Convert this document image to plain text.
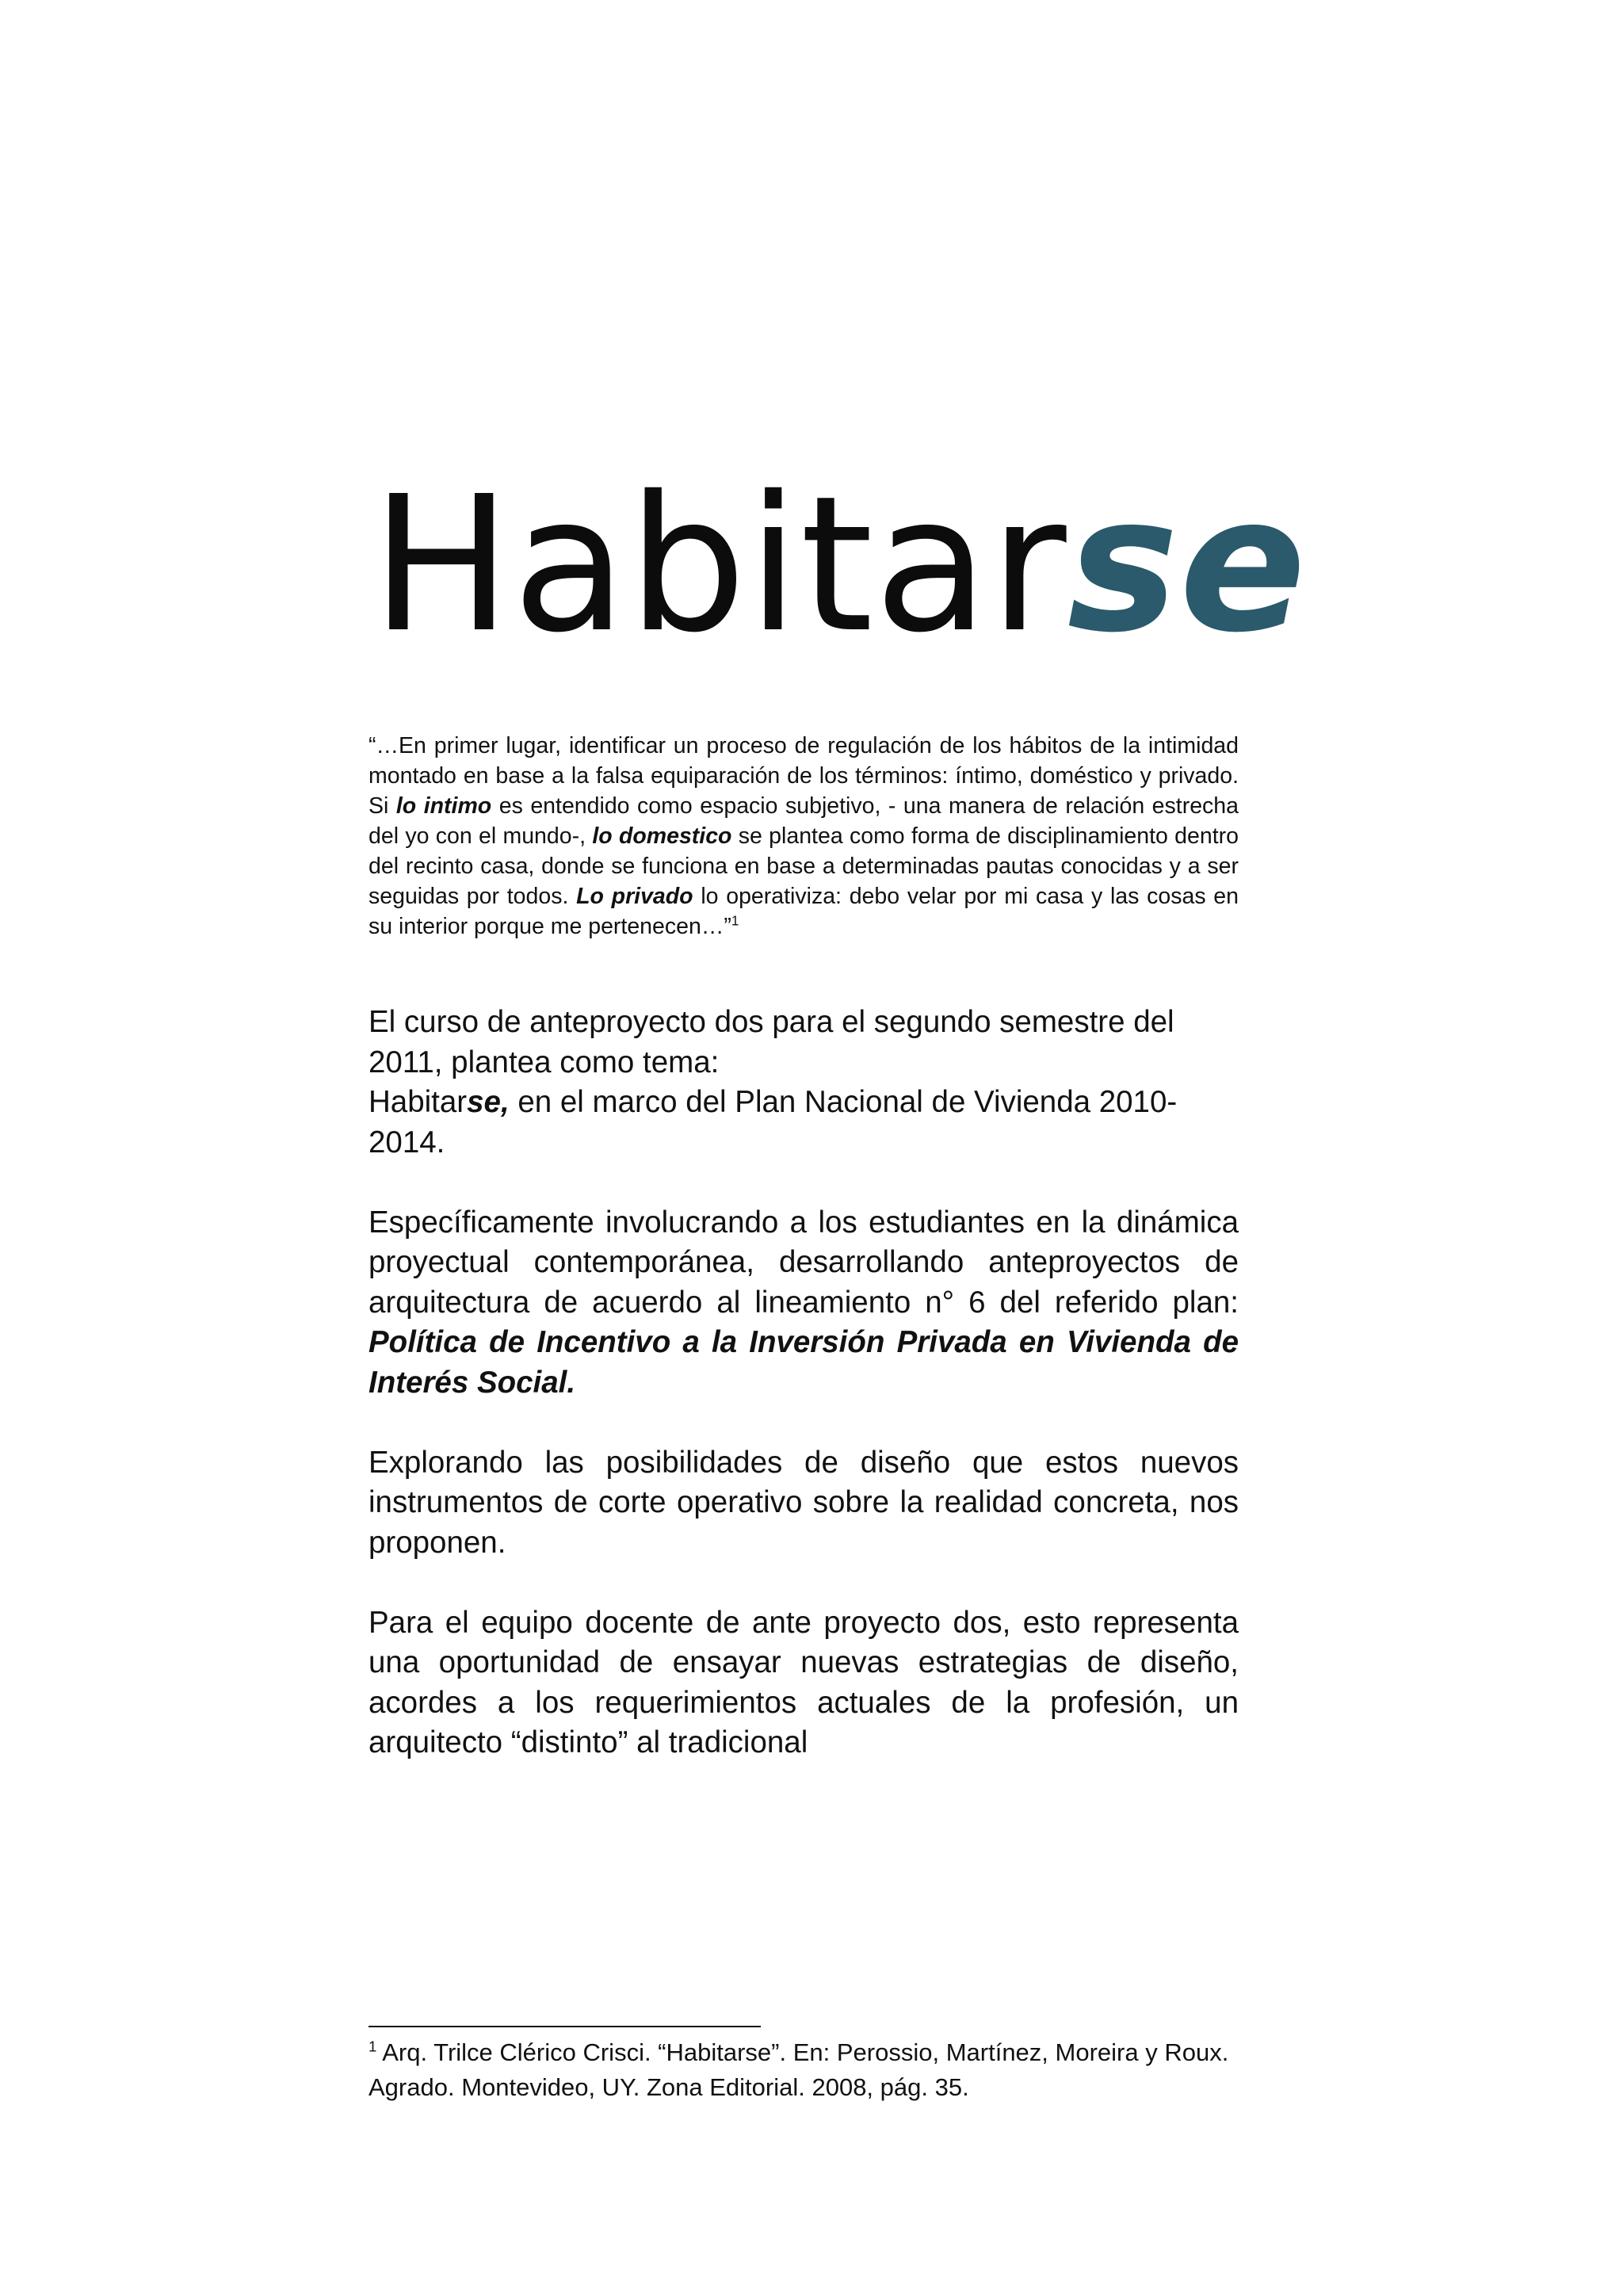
Habitarse

“…En primer lugar, identificar un proceso de regulación de los hábitos de la intimidad montado en base a la falsa equiparación de los términos: íntimo, doméstico y privado. Si lo intimo es entendido como espacio subjetivo, - una manera de relación estrecha del yo con el mundo-, lo domestico se plantea como forma de disciplinamiento dentro del recinto casa, donde se funciona en base a determinadas pautas conocidas y a ser seguidas por todos. Lo privado lo operativiza: debo velar por mi casa y las cosas en su interior porque me pertenecen…”$^1$

El curso de anteproyecto dos para el segundo semestre del 2011, plantea como tema:
Habitarse, en el marco del Plan Nacional de Vivienda 2010-2014.

Específicamente involucrando a los estudiantes en la dinámica proyectual contemporánea, desarrollando anteproyectos de arquitectura de acuerdo al lineamiento n° 6 del referido plan: Política de Incentivo a la Inversión Privada en Vivienda de Interés Social.

Explorando las posibilidades de diseño que estos nuevos instrumentos de corte operativo sobre la realidad concreta, nos proponen.

Para el equipo docente de ante proyecto dos, esto representa una oportunidad de ensayar nuevas estrategias de diseño, acordes a los requerimientos actuales de la profesión, un arquitecto “distinto” al tradicional

$^1$ Arq. Trilce Clérico Crisci. “Habitarse”. En: Perossio, Martínez, Moreira y Roux. Agrado. Montevideo, UY. Zona Editorial. 2008, pág. 35.
